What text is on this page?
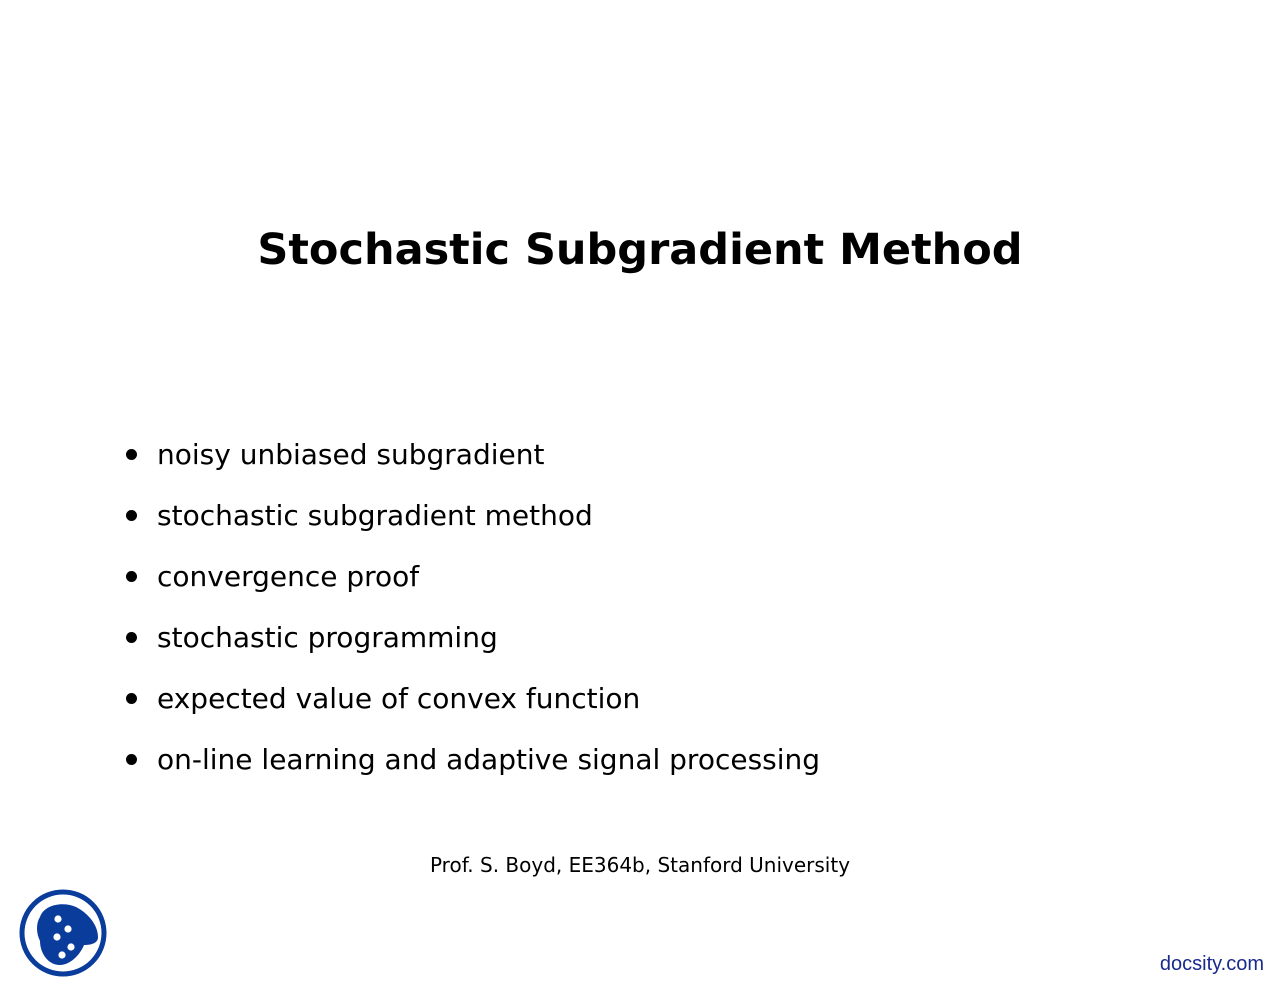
Stochastic Subgradient Method
noisy unbiased subgradient
stochastic subgradient method
convergence proof
stochastic programming
expected value of convex function
on-line learning and adaptive signal processing
Prof. S. Boyd, EE364b, Stanford University
docsity.com
